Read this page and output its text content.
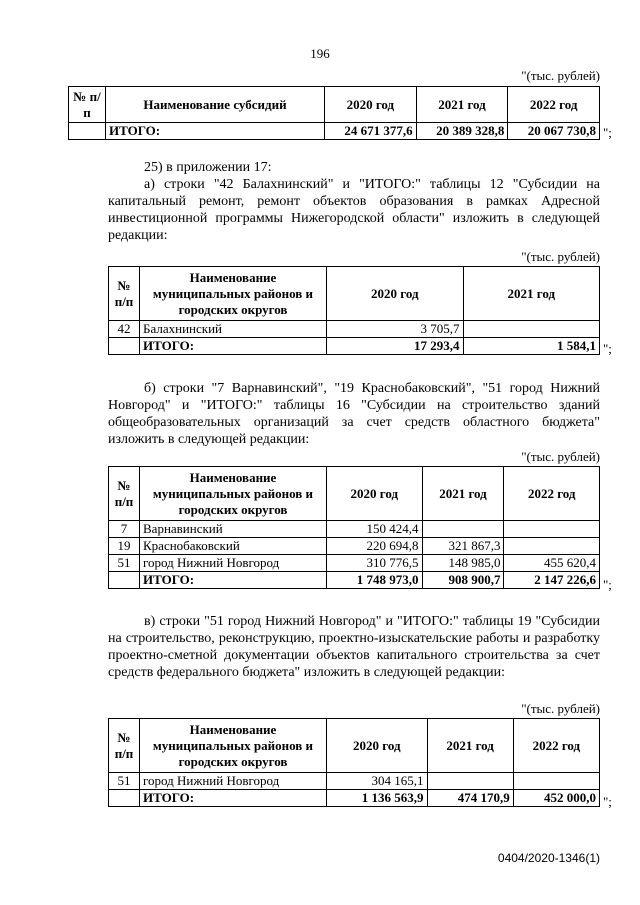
196
"(тыс. рублей)
№ п/п	Наименование субсидий	2020 год	2021 год	2022 год
	ИТОГО:	24 671 377,6	20 389 328,8	20 067 730,8 ";

25) в приложении 17:

а) строки "42 Балахнинский" и "ИТОГО:" таблицы 12 "Субсидии на капитальный ремонт, ремонт объектов образования в рамках Адресной инвестиционной программы Нижегородской области" изложить в следующей редакции:

"(тыс. рублей)
№ п/п	Наименование муниципальных районов и городских округов	2020 год	2021 год
42	Балахнинский	3 705,7	
	ИТОГО:	17 293,4	1 584,1 ";

б) строки "7 Варнавинский", "19 Краснобаковский", "51 город Нижний Новгород" и "ИТОГО:" таблицы 16 "Субсидии на строительство зданий общеобразовательных организаций за счет средств областного бюджета" изложить в следующей редакции:

"(тыс. рублей)
№ п/п	Наименование муниципальных районов и городских округов	2020 год	2021 год	2022 год
7	Варнавинский	150 424,4		
19	Краснобаковский	220 694,8	321 867,3	
51	город Нижний Новгород	310 776,5	148 985,0	455 620,4
	ИТОГО:	1 748 973,0	908 900,7	2 147 226,6 ";

в) строки "51 город Нижний Новгород" и "ИТОГО:" таблицы 19 "Субсидии на строительство, реконструкцию, проектно-изыскательские работы и разработку проектно-сметной документации объектов капитального строительства за счет средств федерального бюджета" изложить в следующей редакции:

"(тыс. рублей)
№ п/п	Наименование муниципальных районов и городских округов	2020 год	2021 год	2022 год
51	город Нижний Новгород	304 165,1		
	ИТОГО:	1 136 563,9	474 170,9	452 000,0 ";
0404/2020-1346(1)
